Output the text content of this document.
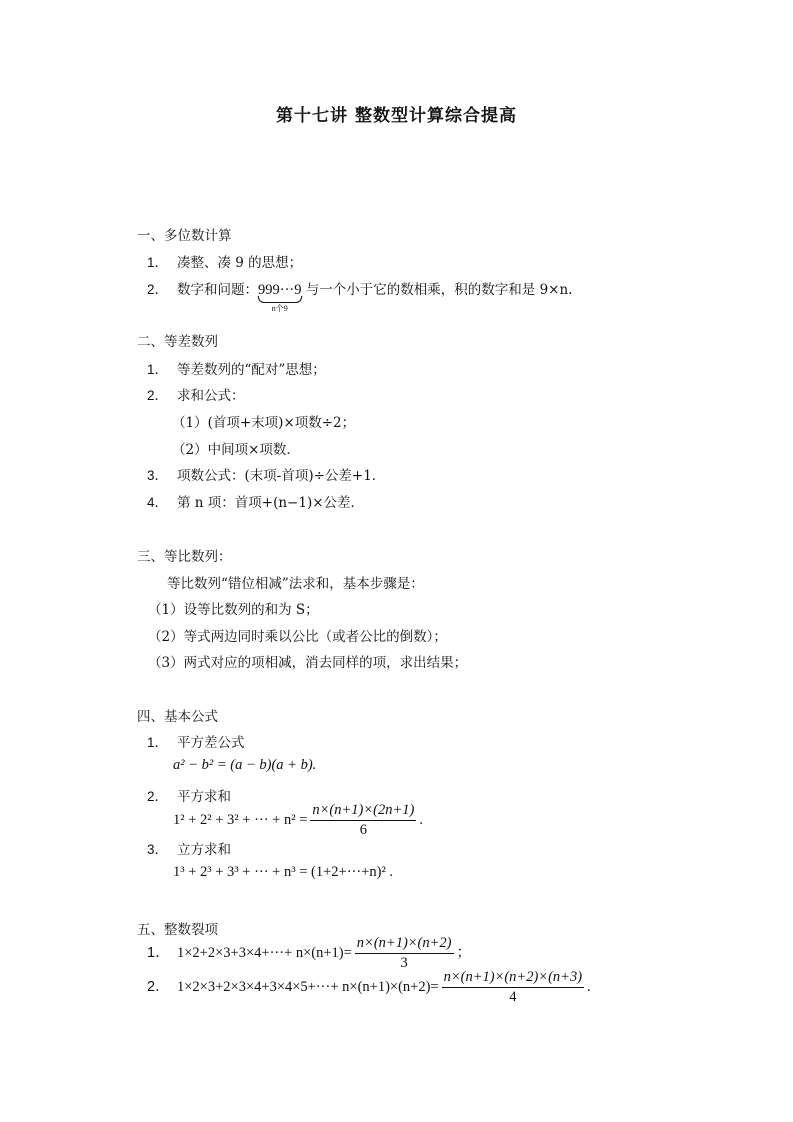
第十七讲 整数型计算综合提高
一、多位数计算
1． 凑整、凑 9 的思想；
2． 数字和问题：999···9
n个9
与一个小于它的数相乘，积的数字和是 9×n.
二、等差数列
1． 等差数列的“配对”思想；
2． 求和公式：
（1）(首项+末项)×项数÷2；
（2）中间项×项数．
3． 项数公式：(末项-首项)÷公差+1．
4． 第 n 项：首项+(n−1)×公差．
三、等比数列：
等比数列“错位相减”法求和，基本步骤是：
（1）设等比数列的和为 S；
（2）等式两边同时乘以公比（或者公比的倒数）；
（3）两式对应的项相减，消去同样的项，求出结果；
四、基本公式
1． 平方差公式
a² − b² = (a − b)(a + b).
2． 平方求和
1² + 2² + 3² + ··· + $n^2 = \frac{n\times(n+1)\times(2n+1)}{6}$ .
3． 立方求和
1³ + 2³ + 3³ + ··· + n³ = (1+2+···+n)² .
五、整数裂项
1． $1\times 2+2\times 3+3\times 4+\cdot\cdot\cdot+ n\times(n+1)= \frac{n\times(n+1)\times(n+2)}{3}$ ；
2． $1\times 2\times 3+2\times 3\times 4+3\times 4\times 5+\cdot\cdot\cdot+ n\times(n+1)\times(n+2)= \frac{n\times(n+1)\times(n+2)\times(n+3)}{4}$ .
